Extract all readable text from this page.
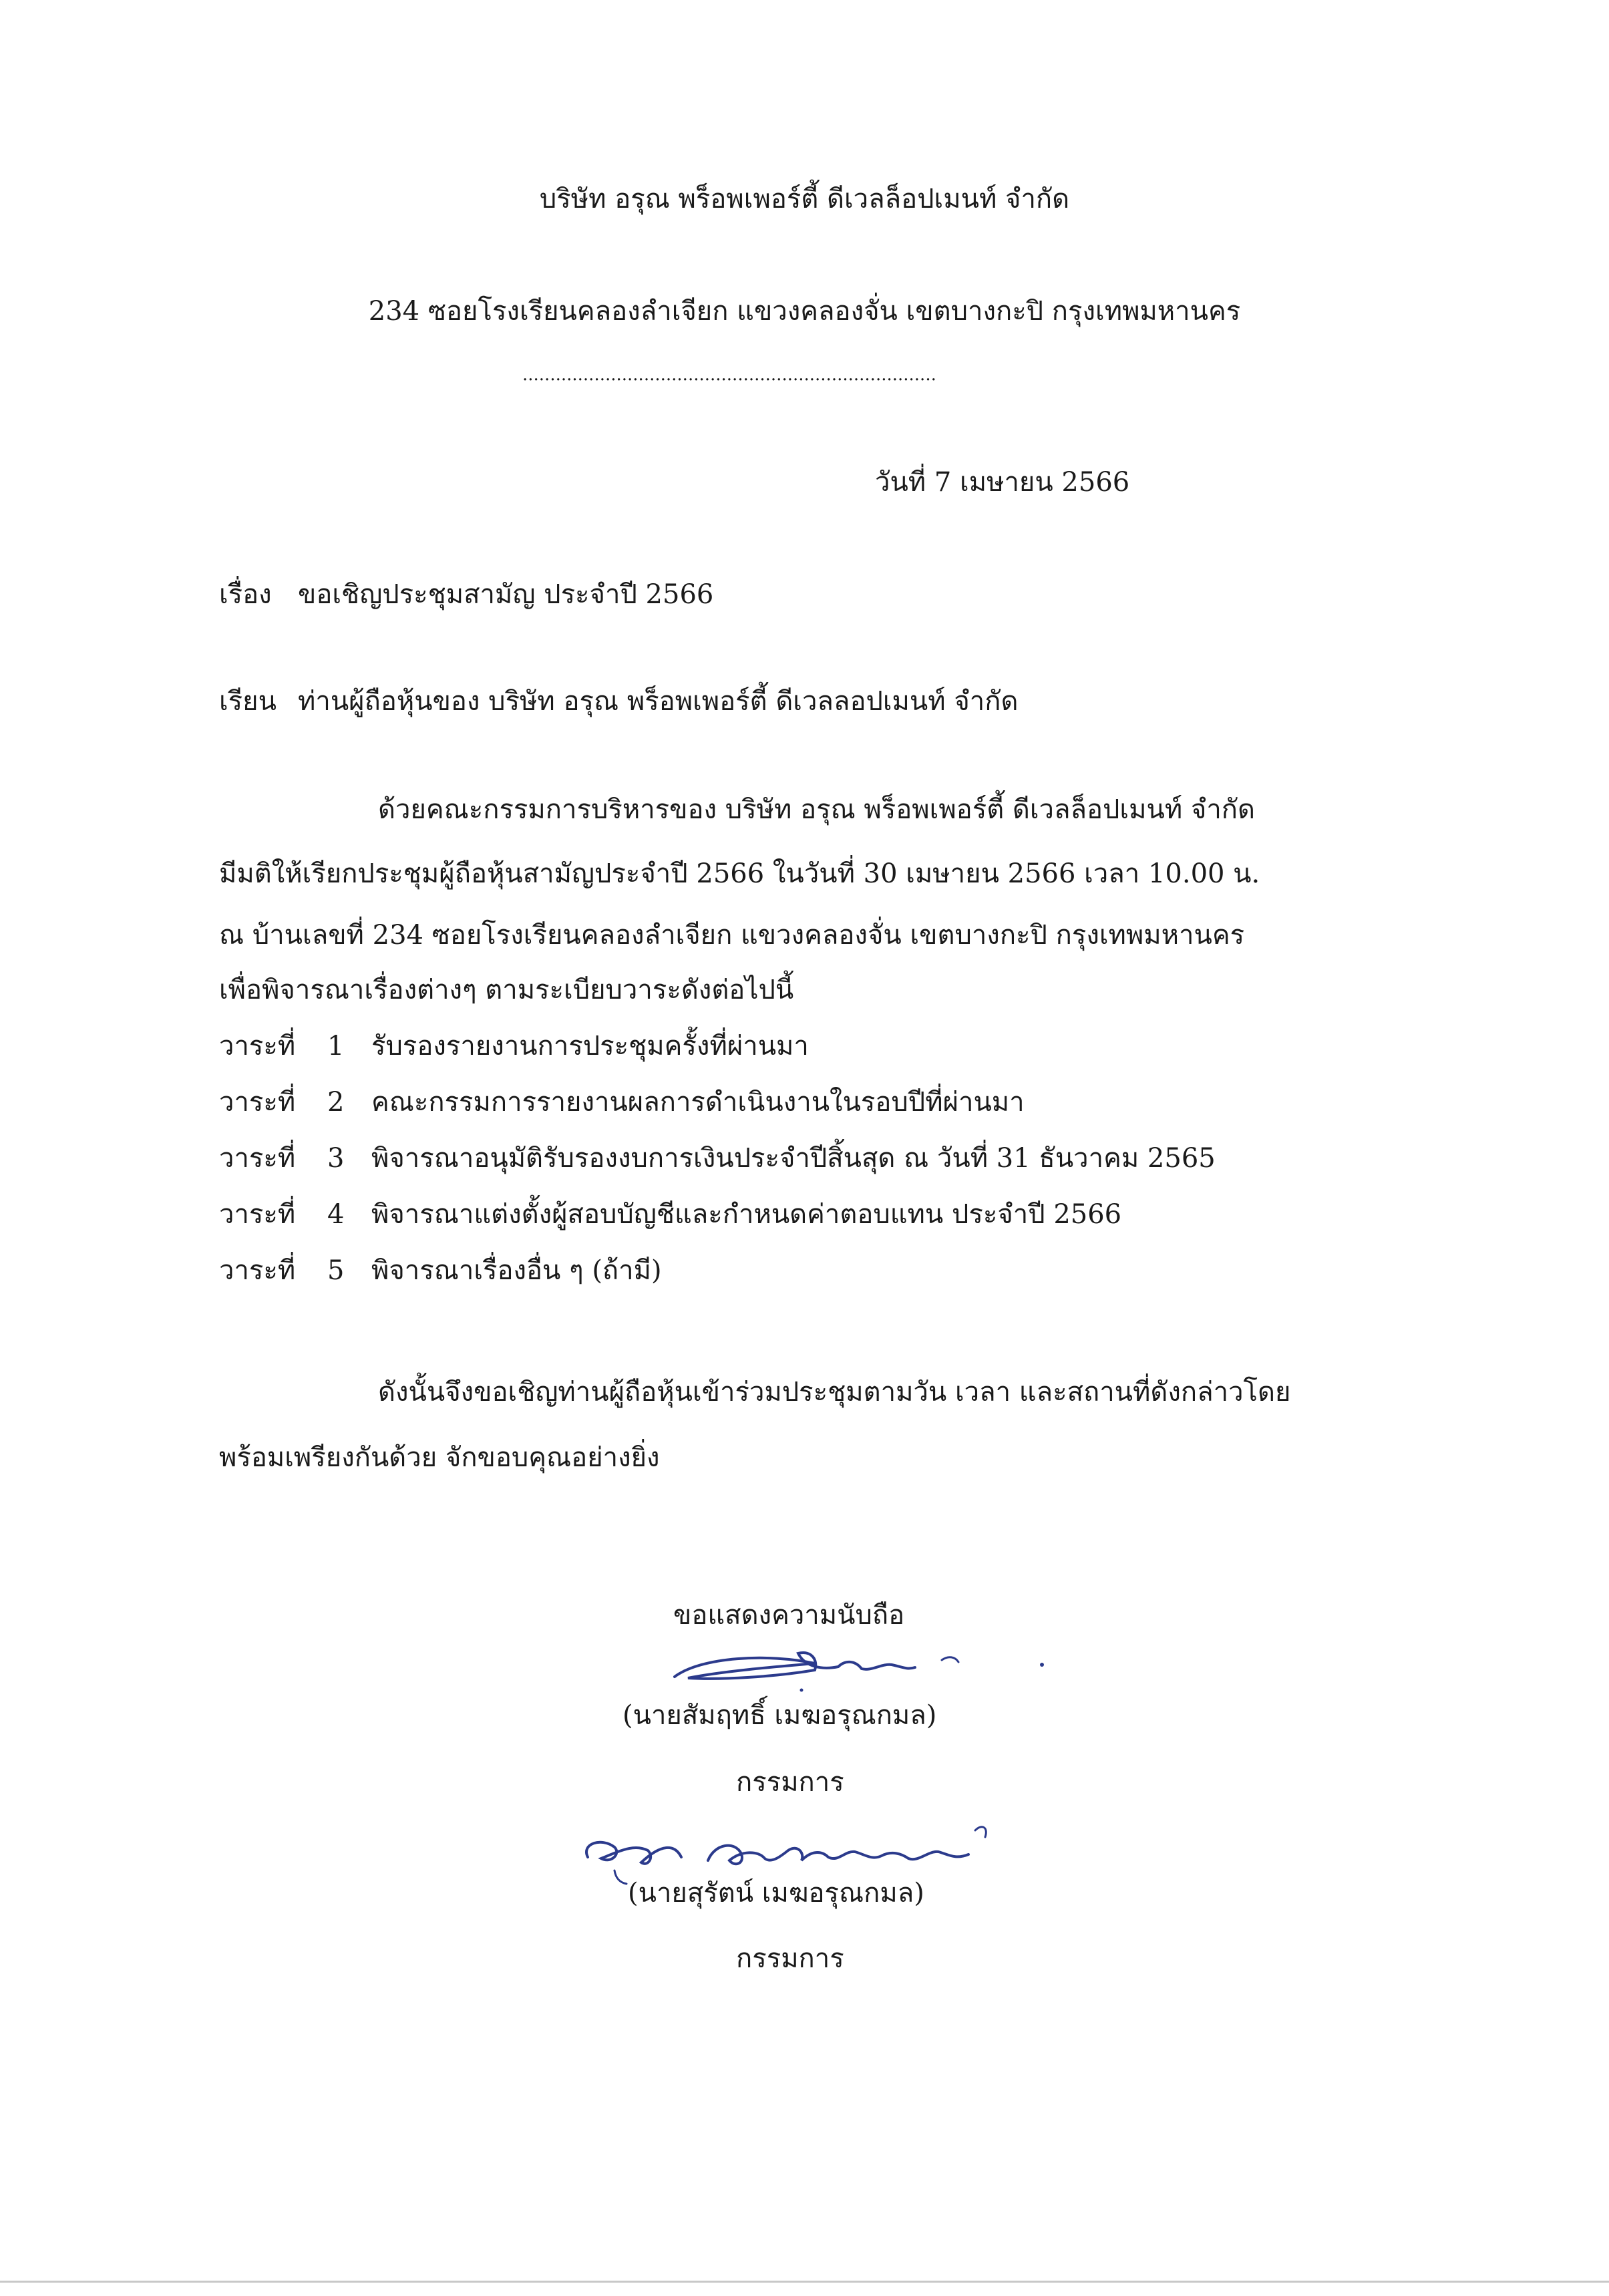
บริษัท อรุณ พร็อพเพอร์ตี้ ดีเวลล็อปเมนท์ จำกัด
234 ซอยโรงเรียนคลองลำเจียก แขวงคลองจั่น เขตบางกะปิ กรุงเทพมหานคร
...........................................................................
วันที่ 7 เมษายน 2566
เรื่อง ขอเชิญประชุมสามัญ ประจำปี 2566
เรียน ท่านผู้ถือหุ้นของ บริษัท อรุณ พร็อพเพอร์ตี้ ดีเวลลอปเมนท์ จำกัด
ด้วยคณะกรรมการบริหารของ บริษัท อรุณ พร็อพเพอร์ตี้ ดีเวลล็อปเมนท์ จำกัด
มีมติให้เรียกประชุมผู้ถือหุ้นสามัญประจำปี 2566 ในวันที่ 30 เมษายน 2566 เวลา 10.00 น.
ณ บ้านเลขที่ 234 ซอยโรงเรียนคลองลำเจียก แขวงคลองจั่น เขตบางกะปิ กรุงเทพมหานคร
เพื่อพิจารณาเรื่องต่างๆ ตามระเบียบวาระดังต่อไปนี้
วาระที่ 1 รับรองรายงานการประชุมครั้งที่ผ่านมา
วาระที่ 2 คณะกรรมการรายงานผลการดำเนินงานในรอบปีที่ผ่านมา
วาระที่ 3 พิจารณาอนุมัติรับรองงบการเงินประจำปีสิ้นสุด ณ วันที่ 31 ธันวาคม 2565
วาระที่ 4 พิจารณาแต่งตั้งผู้สอบบัญชีและกำหนดค่าตอบแทน ประจำปี 2566
วาระที่ 5 พิจารณาเรื่องอื่น ๆ (ถ้ามี)
ดังนั้นจึงขอเชิญท่านผู้ถือหุ้นเข้าร่วมประชุมตามวัน เวลา และสถานที่ดังกล่าวโดย
พร้อมเพรียงกันด้วย จักขอบคุณอย่างยิ่ง
ขอแสดงความนับถือ
(นายสัมฤทธิ์ เมฆอรุณกมล)
กรรมการ
(นายสุรัตน์ เมฆอรุณกมล)
กรรมการ
